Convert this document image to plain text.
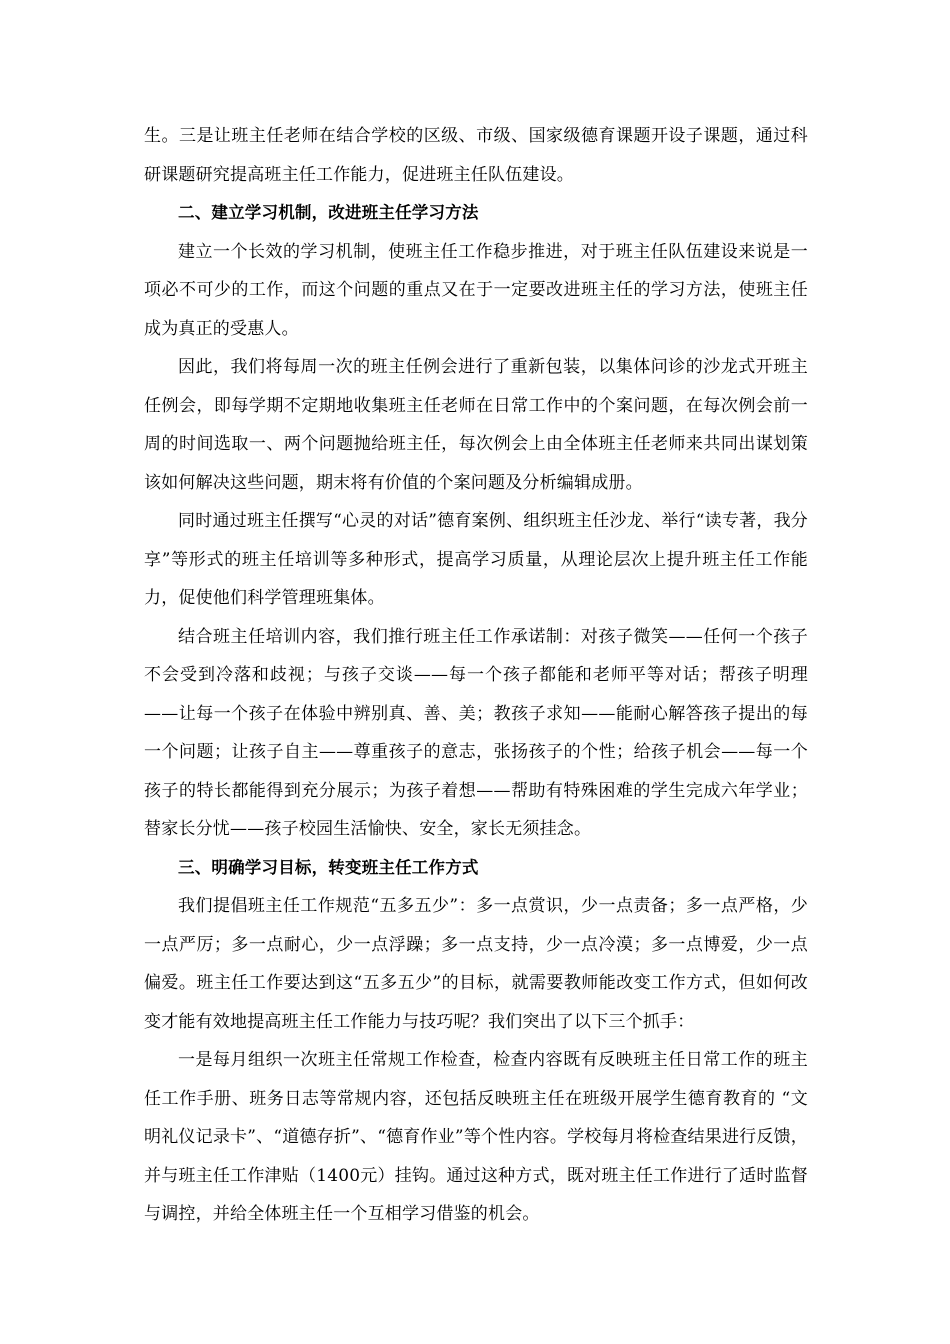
生。三是让班主任老师在结合学校的区级、市级、国家级德育课题开设子课题，通过科研课题研究提高班主任工作能力，促进班主任队伍建设。

二、建立学习机制，改进班主任学习方法

建立一个长效的学习机制，使班主任工作稳步推进，对于班主任队伍建设来说是一项必不可少的工作，而这个问题的重点又在于一定要改进班主任的学习方法，使班主任成为真正的受惠人。

因此，我们将每周一次的班主任例会进行了重新包装，以集体问诊的沙龙式开班主任例会，即每学期不定期地收集班主任老师在日常工作中的个案问题，在每次例会前一周的时间选取一、两个问题抛给班主任，每次例会上由全体班主任老师来共同出谋划策该如何解决这些问题，期末将有价值的个案问题及分析编辑成册。

同时通过班主任撰写“心灵的对话”德育案例、组织班主任沙龙、举行“读专著，我分享”等形式的班主任培训等多种形式，提高学习质量，从理论层次上提升班主任工作能力，促使他们科学管理班集体。

结合班主任培训内容，我们推行班主任工作承诺制：对孩子微笑——任何一个孩子不会受到冷落和歧视；与孩子交谈——每一个孩子都能和老师平等对话；帮孩子明理——让每一个孩子在体验中辨别真、善、美；教孩子求知——能耐心解答孩子提出的每一个问题；让孩子自主——尊重孩子的意志，张扬孩子的个性；给孩子机会——每一个孩子的特长都能得到充分展示；为孩子着想——帮助有特殊困难的学生完成六年学业；替家长分忧——孩子校园生活愉快、安全，家长无须挂念。

三、明确学习目标，转变班主任工作方式

我们提倡班主任工作规范“五多五少”：多一点赏识，少一点责备；多一点严格，少一点严厉；多一点耐心，少一点浮躁；多一点支持，少一点冷漠；多一点博爱，少一点偏爱。班主任工作要达到这“五多五少”的目标，就需要教师能改变工作方式，但如何改变才能有效地提高班主任工作能力与技巧呢？我们突出了以下三个抓手：

一是每月组织一次班主任常规工作检查，检查内容既有反映班主任日常工作的班主任工作手册、班务日志等常规内容，还包括反映班主任在班级开展学生德育教育的 “文明礼仪记录卡”、“道德存折”、“德育作业”等个性内容。学校每月将检查结果进行反馈，并与班主任工作津贴（1400元）挂钩。通过这种方式，既对班主任工作进行了适时监督与调控，并给全体班主任一个互相学习借鉴的机会。
